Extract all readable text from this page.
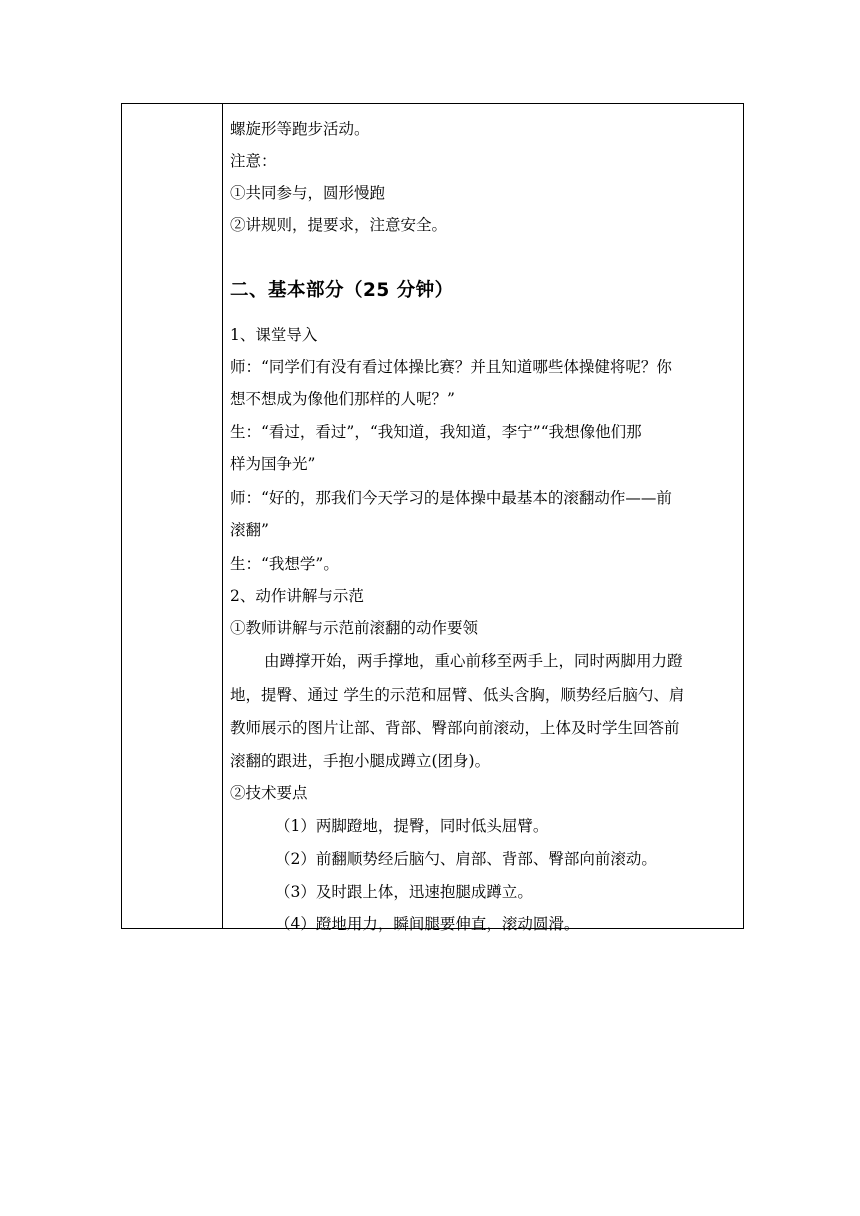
螺旋形等跑步活动。
注意：
①共同参与，圆形慢跑
②讲规则，提要求，注意安全。
二、基本部分（25 分钟）
1、课堂导入
师：“同学们有没有看过体操比赛？并且知道哪些体操健将呢？你
想不想成为像他们那样的人呢？”
生：“看过，看过”，“我知道，我知道，李宁”“我想像他们那
样为国争光”
师：“好的，那我们今天学习的是体操中最基本的滚翻动作——前
滚翻”
生：“我想学”。
2、动作讲解与示范
①教师讲解与示范前滚翻的动作要领
由蹲撑开始，两手撑地，重心前移至两手上，同时两脚用力蹬
地，提臀、通过 学生的示范和屈臂、低头含胸，顺势经后脑勺、肩
教师展示的图片让部、背部、臀部向前滚动，上体及时学生回答前
滚翻的跟进，手抱小腿成蹲立(团身)。
②技术要点
（1）两脚蹬地，提臀，同时低头屈臂。
（2）前翻顺势经后脑勺、肩部、背部、臀部向前滚动。
（3）及时跟上体，迅速抱腿成蹲立。
（4）蹬地用力，瞬间腿要伸直，滚动圆滑。
